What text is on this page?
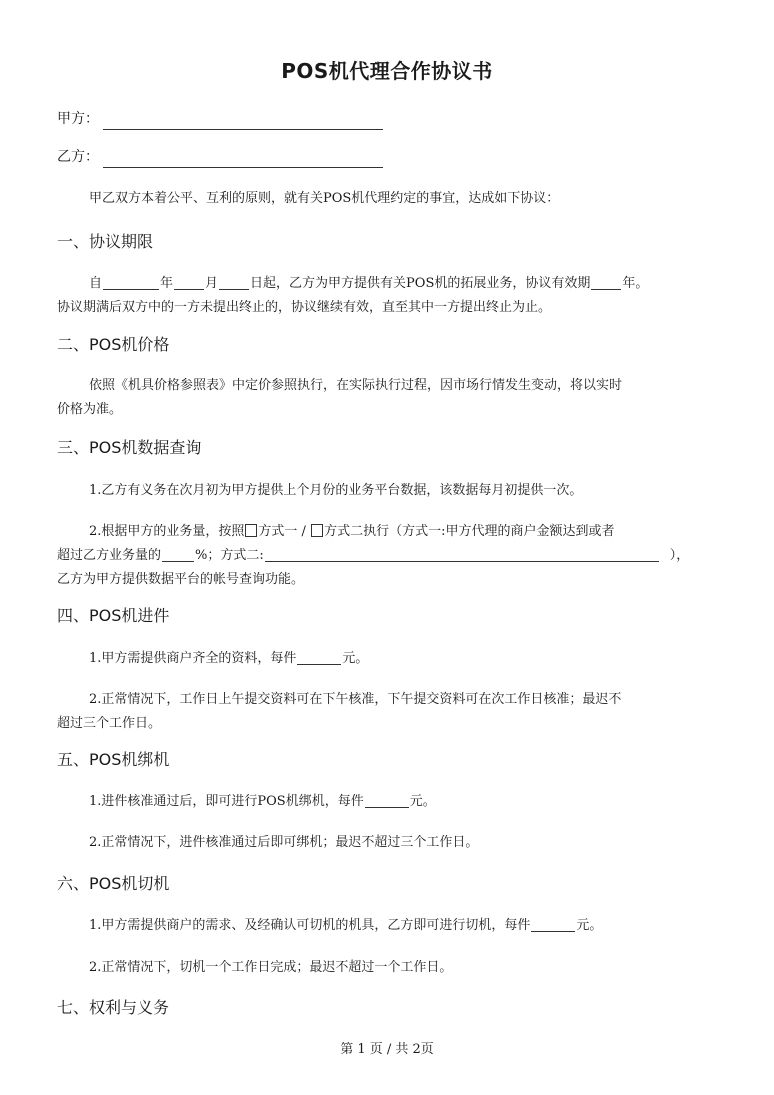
POS机代理合作协议书
甲方：
乙方：
甲乙双方本着公平、互利的原则，就有关POS机代理约定的事宜，达成如下协议：
一、协议期限
自	年 月 日起，乙方为甲方提供有关POS机的拓展业务，协议有效期 年。
协议期满后双方中的一方未提出终止的，协议继续有效，直至其中一方提出终止为止。
二、POS机价格
依照《机具价格参照表》中定价参照执行，在实际执行过程，因市场行情发生变动，将以实时
价格为准。
三、POS机数据查询
1.乙方有义务在次月初为甲方提供上个月份的业务平台数据，该数据每月初提供一次。
2.根据甲方的业务量，按照 方式一 / 方式二执行（方式一:甲方代理的商户金额达到或者
超过乙方业务量的	%；方式二:	），
乙方为甲方提供数据平台的帐号查询功能。
四、POS机进件
1.甲方需提供商户齐全的资料，每件	元。
2.正常情况下，工作日上午提交资料可在下午核准，下午提交资料可在次工作日核准；最迟不
超过三个工作日。
五、POS机绑机
1.进件核准通过后，即可进行POS机绑机，每件	元。
2.正常情况下，进件核准通过后即可绑机；最迟不超过三个工作日。
六、POS机切机
1.甲方需提供商户的需求、及经确认可切机的机具，乙方即可进行切机，每件	元。
2.正常情况下，切机一个工作日完成；最迟不超过一个工作日。
七、权利与义务
第 1 页 / 共 2页
